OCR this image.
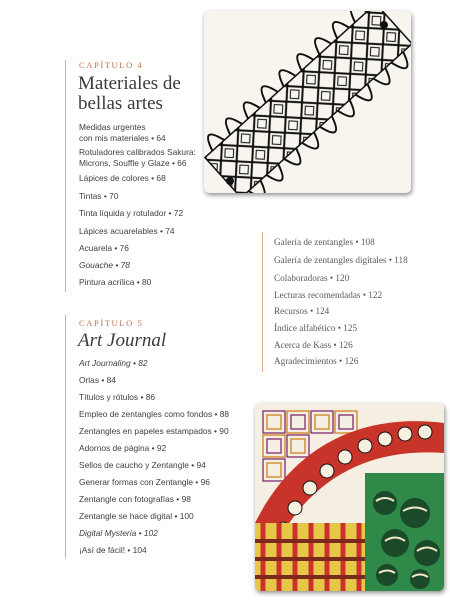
CAPÍTULO 4
Materiales de
bellas artes
Medidas urgentes
con mis materiales • 64
Rotuladores calibrados Sakura:
Microns, Souffle y Glaze • 66
Lápices de colores • 68
Tintas • 70
Tinta líquida y rotulador • 72
Lápices acuarelables • 74
Acuarela • 76
Gouache • 78
Pintura acrílica • 80
Galería de zentangles • 108
Galería de zentangles digitales • 118
Colaboradoras • 120
Lecturas recomendadas • 122
Recursos • 124
Índice alfabético • 125
Acerca de Kass • 126
Agradecimientos • 126
CAPÍTULO 5
Art Journal
Art Journaling • 82
Orlas • 84
Títulos y rótulos • 86
Empleo de zentangles como fondos • 88
Zentangles en papeles estampados • 90
Adornos de página • 92
Sellos de caucho y Zentangle • 94
Generar formas con Zentangle • 96
Zentangle con fotografías • 98
Zentangle se hace digital • 100
Digital Mysteria • 102
¡Así de fácil! • 104
